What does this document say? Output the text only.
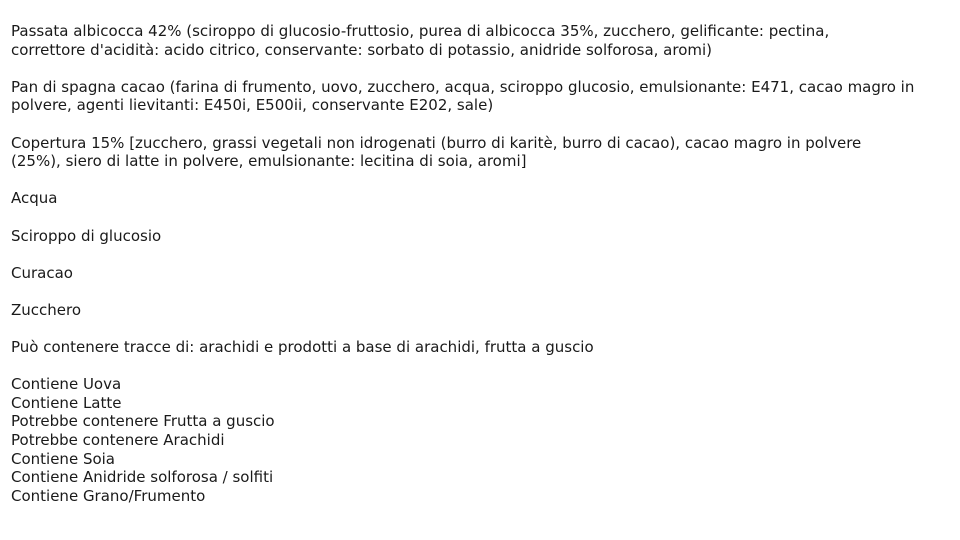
Passata albicocca 42% (sciroppo di glucosio-fruttosio, purea di albicocca 35%, zucchero, gelificante: pectina,
correttore d'acidità: acido citrico, conservante: sorbato di potassio, anidride solforosa, aromi)

Pan di spagna cacao (farina di frumento, uovo, zucchero, acqua, sciroppo glucosio, emulsionante: E471, cacao magro in
polvere, agenti lievitanti: E450i, E500ii, conservante E202, sale)

Copertura 15% [zucchero, grassi vegetali non idrogenati (burro di karitè, burro di cacao), cacao magro in polvere
(25%), siero di latte in polvere, emulsionante: lecitina di soia, aromi]

Acqua

Sciroppo di glucosio

Curacao

Zucchero

Può contenere tracce di: arachidi e prodotti a base di arachidi, frutta a guscio

Contiene Uova
Contiene Latte
Potrebbe contenere Frutta a guscio
Potrebbe contenere Arachidi
Contiene Soia
Contiene Anidride solforosa / solfiti
Contiene Grano/Frumento
